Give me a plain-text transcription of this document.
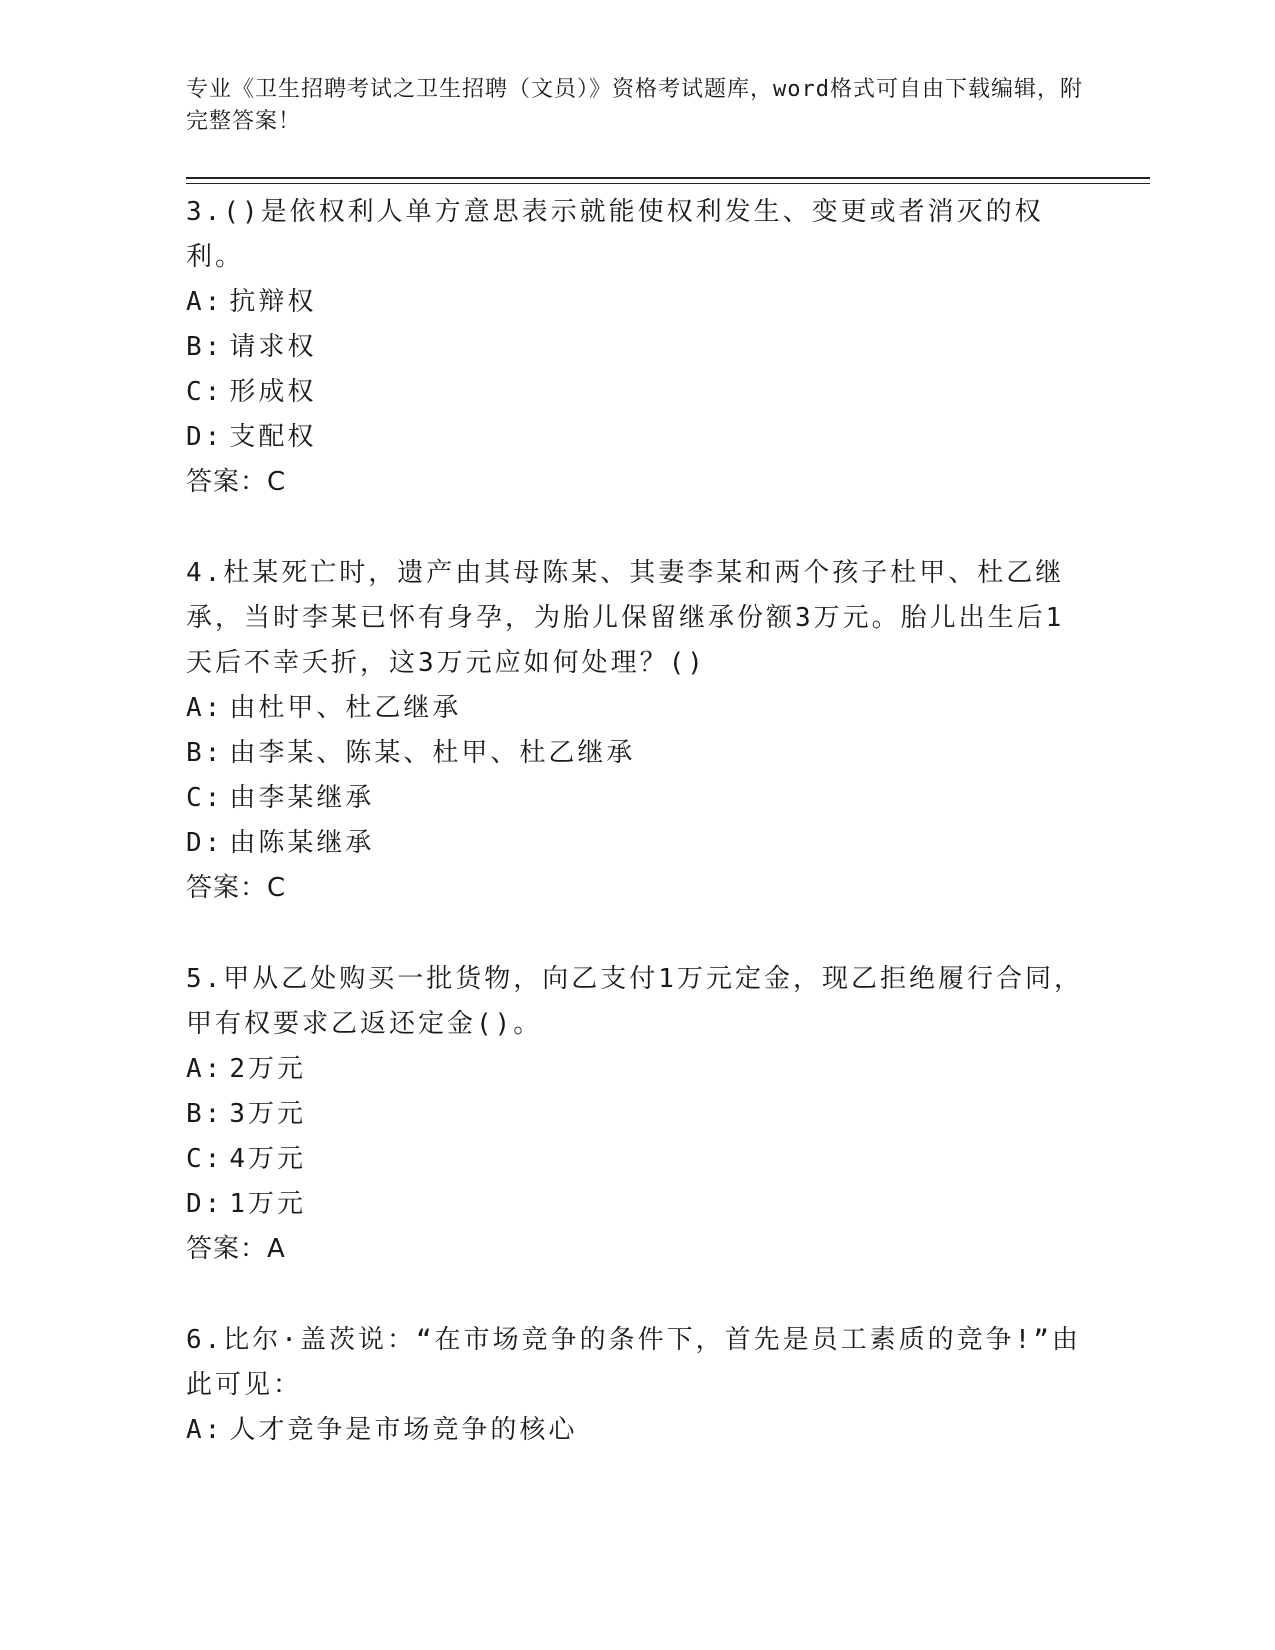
专业《卫生招聘考试之卫生招聘（文员）》资格考试题库，word格式可自由下载编辑，附完整答案！
3.()是依权利人单方意思表示就能使权利发生、变更或者消灭的权利。
A: 抗辩权
B: 请求权
C: 形成权
D: 支配权
答案：C
4.杜某死亡时，遗产由其母陈某、其妻李某和两个孩子杜甲、杜乙继承，当时李某已怀有身孕，为胎儿保留继承份额3万元。胎儿出生后1天后不幸夭折，这3万元应如何处理？()
A: 由杜甲、杜乙继承
B: 由李某、陈某、杜甲、杜乙继承
C: 由李某继承
D: 由陈某继承
答案：C
5.甲从乙处购买一批货物，向乙支付1万元定金，现乙拒绝履行合同，甲有权要求乙返还定金()。
A: 2万元
B: 3万元
C: 4万元
D: 1万元
答案：A
6.比尔·盖茨说：“在市场竞争的条件下，首先是员工素质的竞争!”由此可见：
A: 人才竞争是市场竞争的核心
